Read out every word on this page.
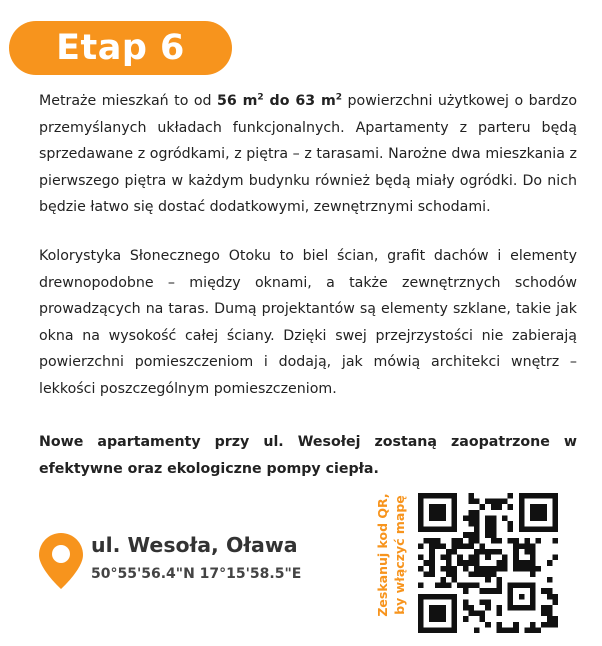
Etap 6

Metraże mieszkań to od 56 $m^2$ do 63 $m^2$ powierzchni użytkowej o bardzo przemyślanych układach funkcjonalnych. Apartamenty z parteru będą sprzedawane z ogródkami, z piętra – z tarasami. Narożne dwa mieszkania z pierwszego piętra w każdym budynku również będą miały ogródki. Do nich będzie łatwo się dostać dodatkowymi, zewnętrznymi schodami.

Kolorystyka Słonecznego Otoku to biel ścian, grafit dachów i elementy drewnopodobne – między oknami, a także zewnętrznych schodów prowadzących na taras. Dumą projektantów są elementy szklane, takie jak okna na wysokość całej ściany. Dzięki swej przejrzystości nie zabierają powierzchni pomieszczeniom i dodają, jak mówią architekci wnętrz – lekkości poszczególnym pomieszczeniom.

Nowe apartamenty przy ul. Wesołej zostaną zaopatrzone w efektywne oraz ekologiczne pompy ciepła.

ul. Wesoła, Oława
50°55'56.4"N 17°15'58.5"E	Zeskanuj kod QR, by włączyć mapę
